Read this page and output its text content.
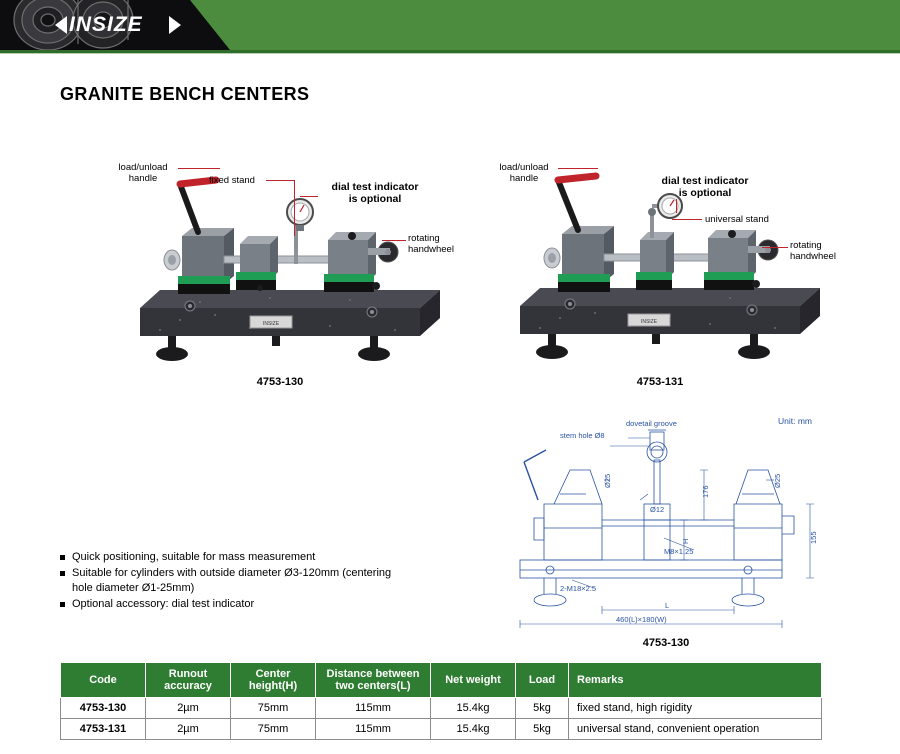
INSIZE
GRANITE BENCH CENTERS
INSIZE
load/unload
handle	fixed stand
dial test indicator
is optional
rotating
handwheel
4753-130
INSIZE
load/unload
handle	dial test indicator
is optional
universal stand
rotating
handwheel
4753-131
Unit: mm
dovetail groove
stem hole Ø8
Ø25	Ø25
176
Ø12
H	155
2-M18×2.5
M8×1.25
L
460(L)×180(W)
4753-130
Quick positioning, suitable for mass measurement
Suitable for cylinders with outside diameter Ø3-120mm (centering hole diameter Ø1-25mm)
Optional accessory: dial test indicator
Code	Runout accuracy	Center height(H)	Distance between two centers(L)	Net weight	Load	Remarks
4753-130	2µm	75mm	115mm	15.4kg	5kg	fixed stand, high rigidity
4753-131	2µm	75mm	115mm	15.4kg	5kg	universal stand, convenient operation
